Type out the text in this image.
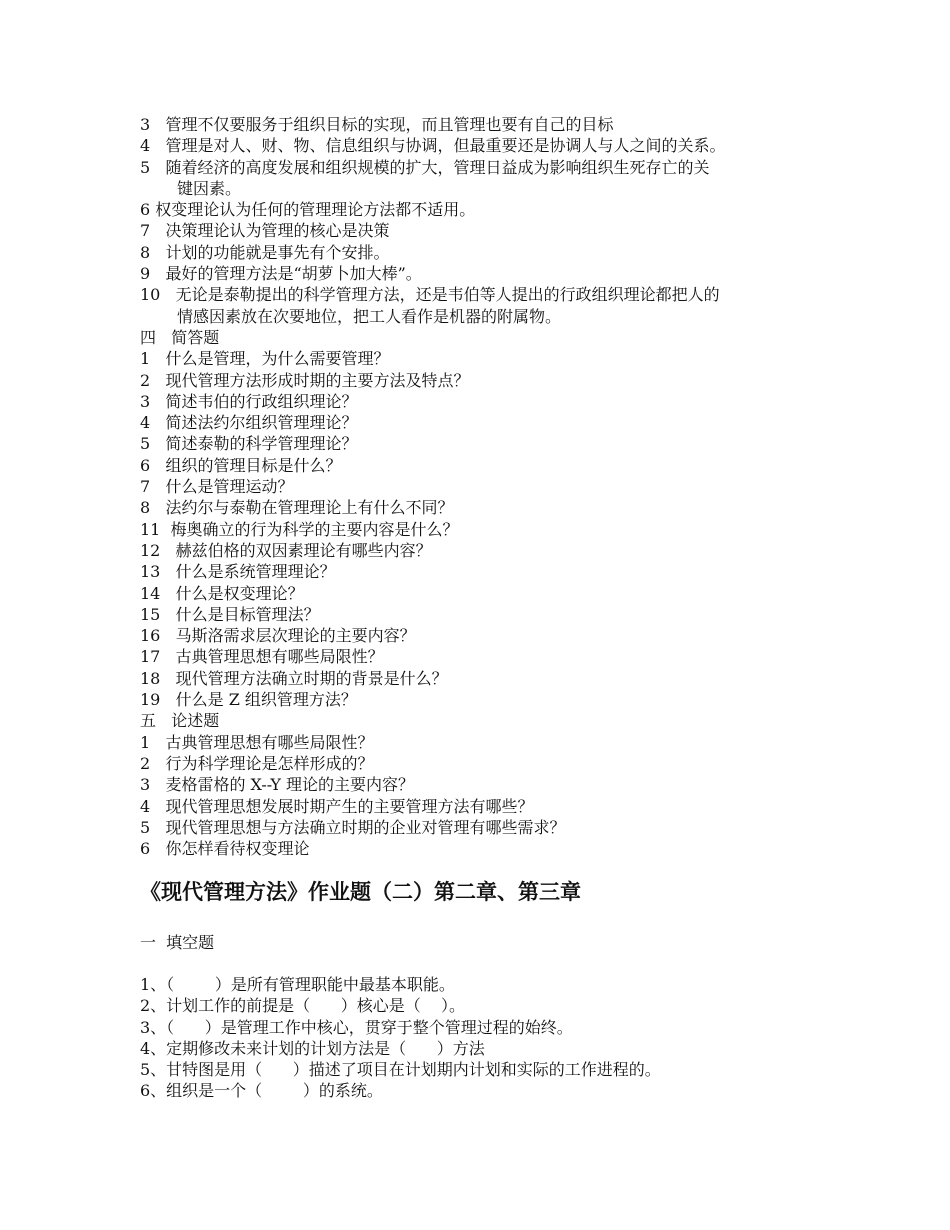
3   管理不仅要服务于组织目标的实现，而且管理也要有自己的目标
4   管理是对人、财、物、信息组织与协调，但最重要还是协调人与人之间的关系。
5   随着经济的高度发展和组织规模的扩大，管理日益成为影响组织生死存亡的关
键因素。
6 权变理论认为任何的管理理论方法都不适用。
7   决策理论认为管理的核心是决策
8   计划的功能就是事先有个安排。
9   最好的管理方法是“胡萝卜加大棒”。
10   无论是泰勒提出的科学管理方法，还是韦伯等人提出的行政组织理论都把人的
情感因素放在次要地位，把工人看作是机器的附属物。
四   简答题
1   什么是管理，为什么需要管理？
2   现代管理方法形成时期的主要方法及特点？
3   简述韦伯的行政组织理论？
4   简述法约尔组织管理理论？
5   简述泰勒的科学管理理论？
6   组织的管理目标是什么？
7   什么是管理运动？
8   法约尔与泰勒在管理理论上有什么不同？
11  梅奥确立的行为科学的主要内容是什么？
12   赫兹伯格的双因素理论有哪些内容？
13   什么是系统管理理论？
14   什么是权变理论？
15   什么是目标管理法？
16   马斯洛需求层次理论的主要内容？
17   古典管理思想有哪些局限性？
18   现代管理方法确立时期的背景是什么？
19   什么是 Z 组织管理方法？
五   论述题
1   古典管理思想有哪些局限性？
2   行为科学理论是怎样形成的？
3   麦格雷格的 X--Y 理论的主要内容？
4   现代管理思想发展时期产生的主要管理方法有哪些？
5   现代管理思想与方法确立时期的企业对管理有哪些需求？
6   你怎样看待权变理论
《现代管理方法》作业题（二）第二章、第三章
一  填空题
1、（        ）是所有管理职能中最基本职能。
2、计划工作的前提是（      ）核心是（    ）。
3、（      ）是管理工作中核心，贯穿于整个管理过程的始终。
4、定期修改未来计划的计划方法是（      ）方法
5、甘特图是用（      ）描述了项目在计划期内计划和实际的工作进程的。
6、组织是一个（        ）的系统。
